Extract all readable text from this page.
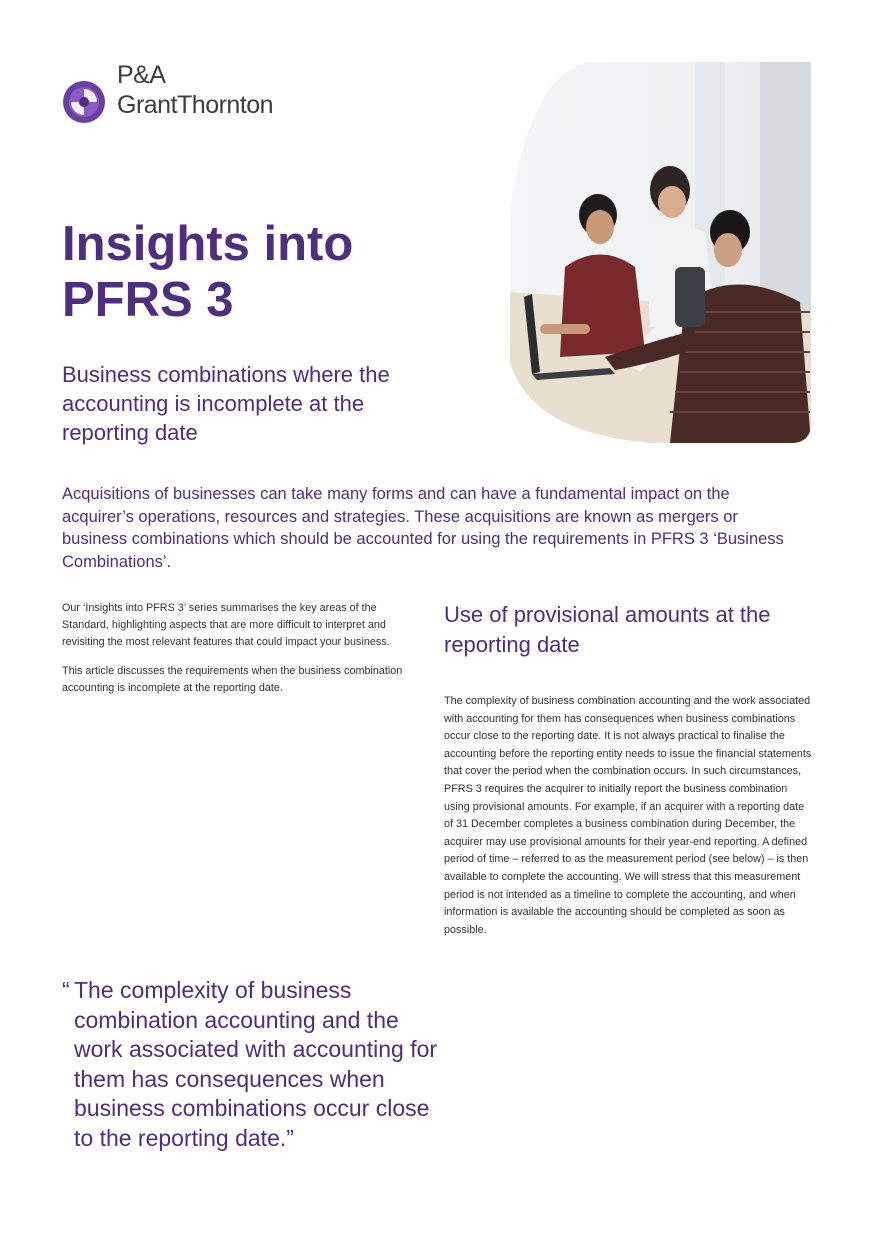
P&A
GrantThornton
Insights into PFRS 3
Business combinations where the accounting is incomplete at the reporting date

Acquisitions of businesses can take many forms and can have a fundamental impact on the acquirer’s operations, resources and strategies. These acquisitions are known as mergers or business combinations which should be accounted for using the requirements in PFRS 3 ‘Business Combinations’.

Our ‘Insights into PFRS 3’ series summarises the key areas of the Standard, highlighting aspects that are more difficult to interpret and revisiting the most relevant features that could impact your business.

This article discusses the requirements when the business combination accounting is incomplete at the reporting date.

Use of provisional amounts at the reporting date

The complexity of business combination accounting and the work associated with accounting for them has consequences when business combinations occur close to the reporting date. It is not always practical to finalise the accounting before the reporting entity needs to issue the financial statements that cover the period when the combination occurs. In such circumstances, PFRS 3 requires the acquirer to initially report the business combination using provisional amounts. For example, if an acquirer with a reporting date of 31 December completes a business combination during December, the acquirer may use provisional amounts for their year-end reporting. A defined period of time – referred to as the measurement period (see below) – is then available to complete the accounting. We will stress that this measurement period is not intended as a timeline to complete the accounting, and when information is available the accounting should be completed as soon as possible.

“ The complexity of business combination accounting and the work associated with accounting for them has consequences when business combinations occur close to the reporting date.”
